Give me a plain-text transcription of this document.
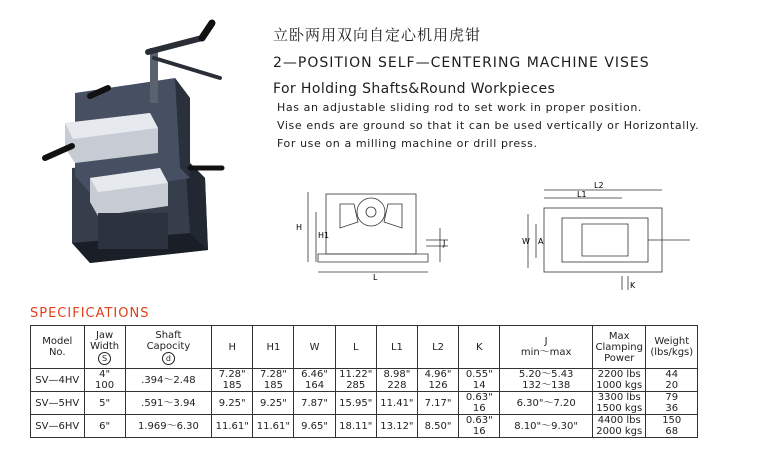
立卧两用双向自定心机用虎钳
2—POSITION SELF—CENTERING MACHINE VISES
For Holding Shafts&Round Workpieces
Has an adjustable sliding rod to set work in proper position.
Vise ends are ground so that it can be used vertically or Horizontally.
For use on a milling machine or drill press.
H
H1
J
L
L2
L1
W A
K
SPECIFICATIONS
Model
No.	Jaw
Width
S	Shaft
Capocity
d	H	H1	W	L	L1	L2	K	J
min～max	Max
Clamping
Power	Weight
(lbs/kgs)
SV—4HV	4"
100	.394～2.48	7.28"
185	7.28"
185	6.46"
164	11.22"
285	8.98"
228	4.96"
126	0.55"
14	5.20～5.43
132～138	2200 lbs
1000 kgs	44
20
SV—5HV	5"	.591～3.94	9.25"	9.25"	7.87"	15.95"	11.41"	7.17"	0.63"
16	6.30"～7.20	3300 lbs
1500 kgs	79
36
SV—6HV	6"	1.969～6.30	11.61"	11.61"	9.65"	18.11"	13.12"	8.50"	0.63"
16	8.10"～9.30"	4400 lbs
2000 kgs	150
68
